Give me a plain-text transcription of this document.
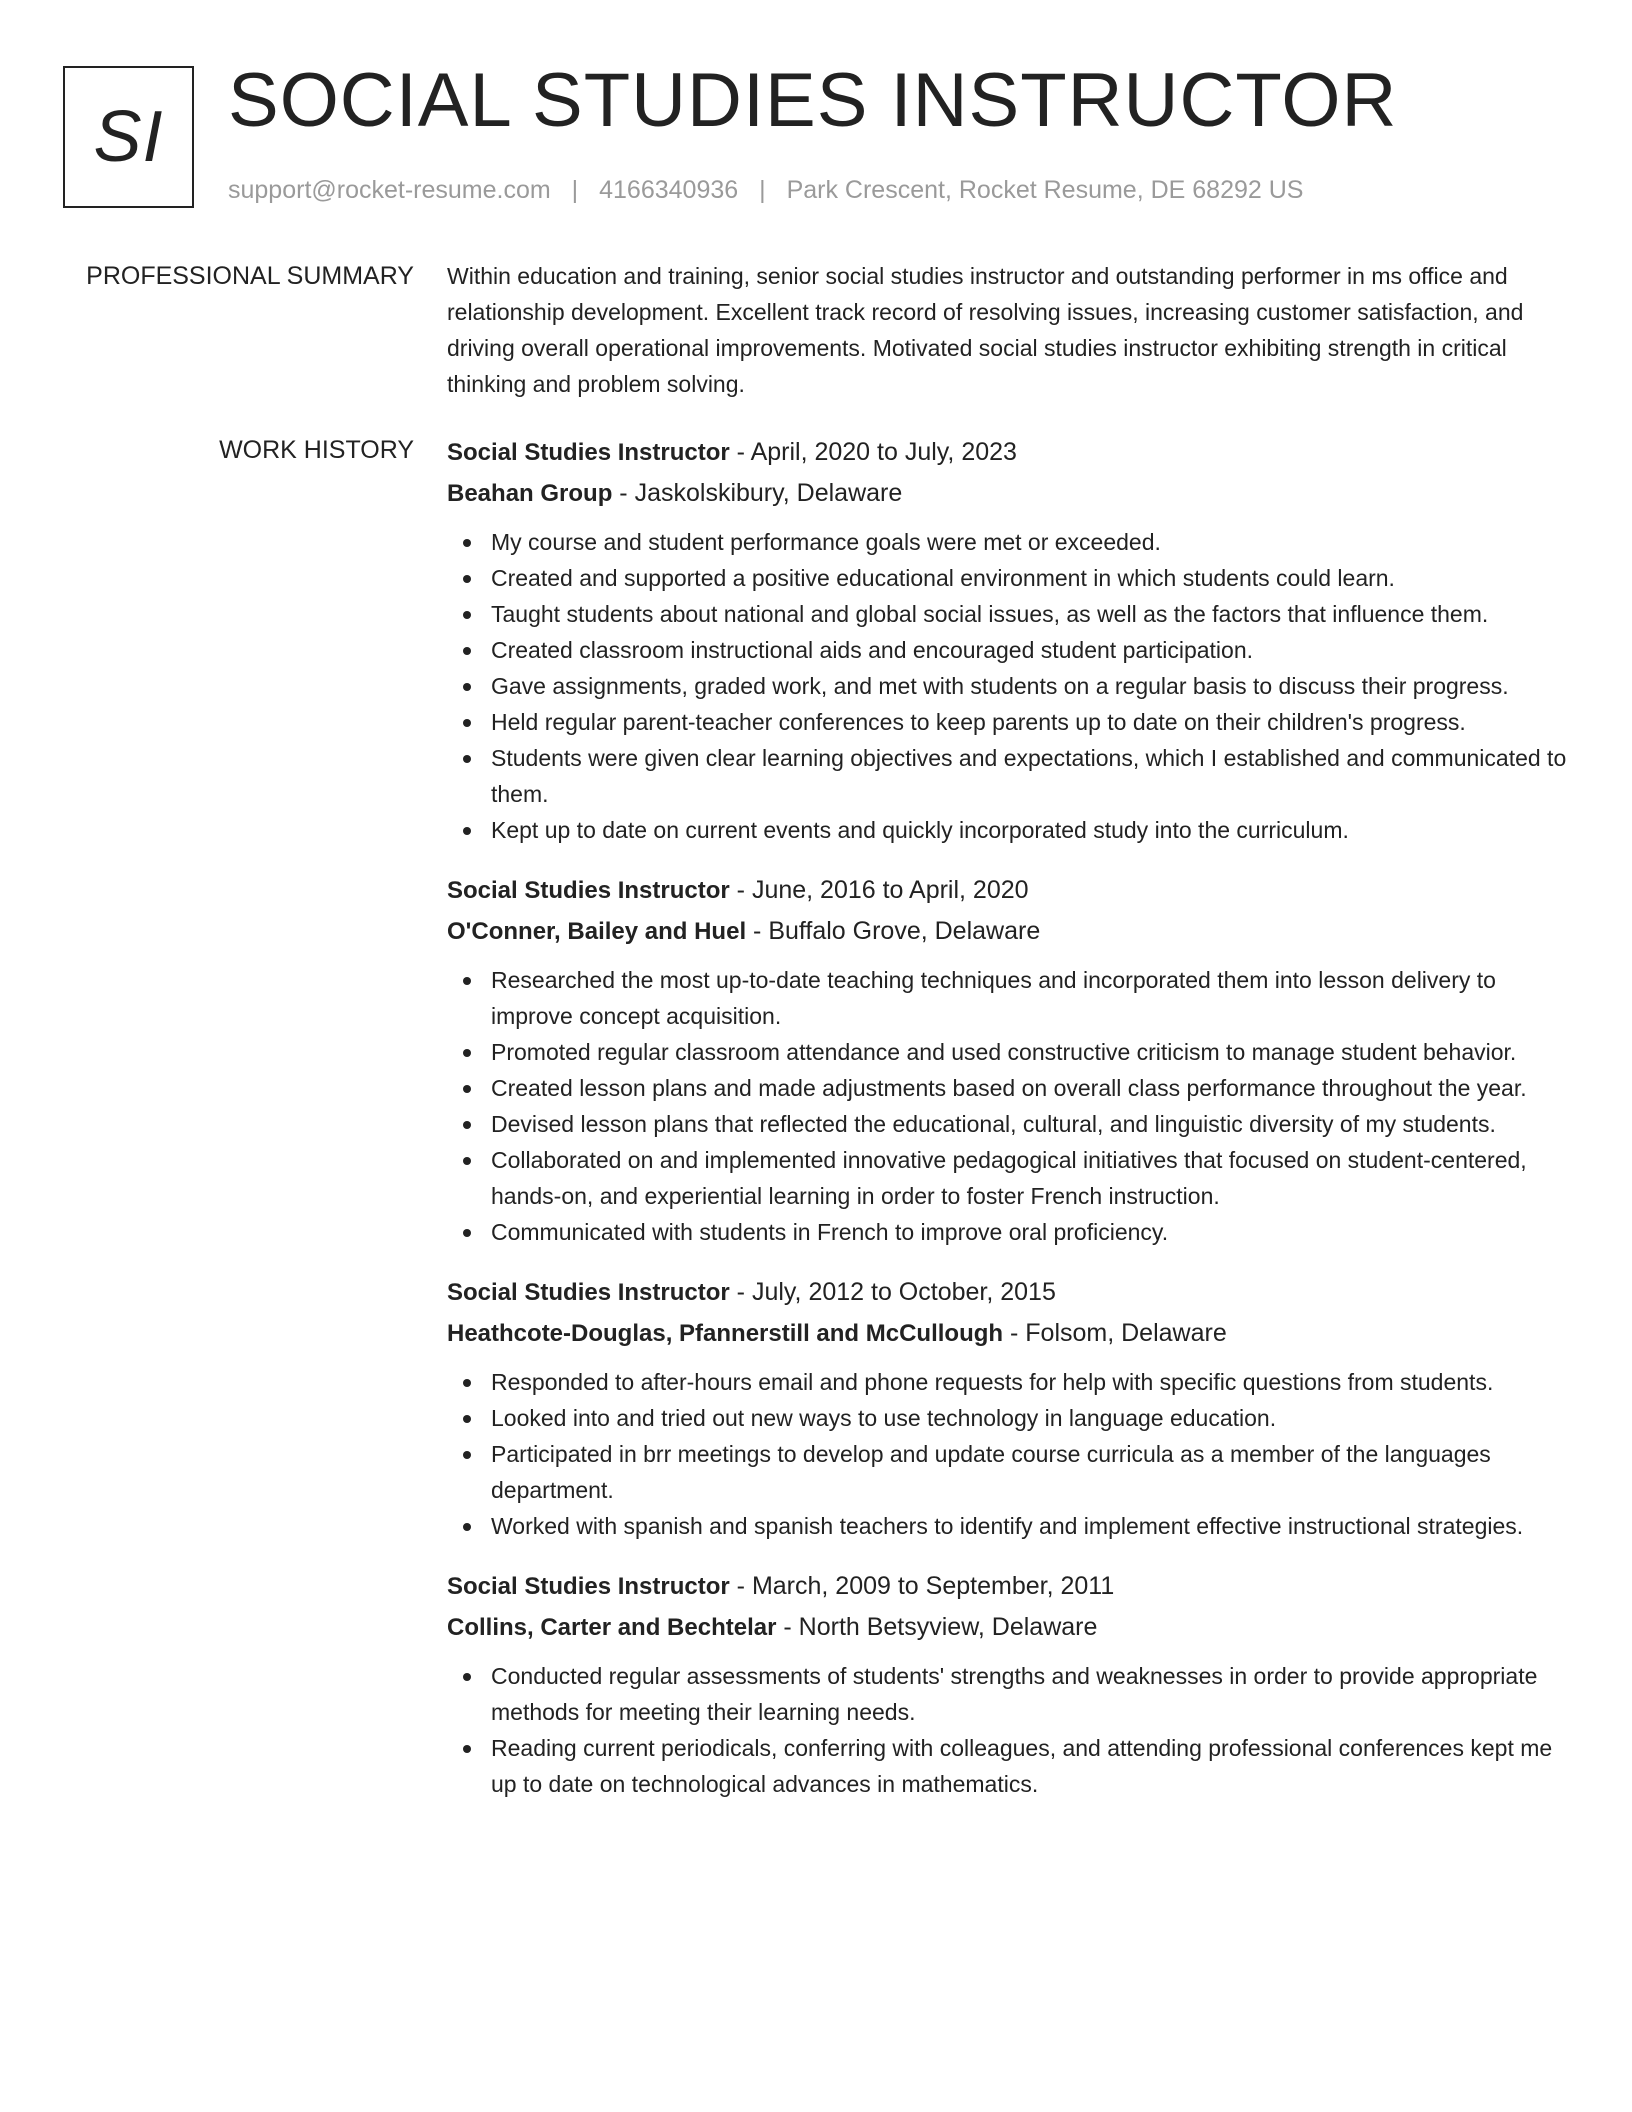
SI SOCIAL STUDIES INSTRUCTOR
support@rocket-resume.com | 4166340936 | Park Crescent, Rocket Resume, DE 68292 US
PROFESSIONAL SUMMARY Within education and training, senior social studies instructor and outstanding performer in ms office and relationship development. Excellent track record of resolving issues, increasing customer satisfaction, and driving overall operational improvements. Motivated social studies instructor exhibiting strength in critical thinking and problem solving.

WORK HISTORY Social Studies Instructor - April, 2020 to July, 2023
Beahan Group - Jaskolskibury, Delaware
My course and student performance goals were met or exceeded.
Created and supported a positive educational environment in which students could learn.
Taught students about national and global social issues, as well as the factors that influence them.
Created classroom instructional aids and encouraged student participation.
Gave assignments, graded work, and met with students on a regular basis to discuss their progress.
Held regular parent-teacher conferences to keep parents up to date on their children's progress.
Students were given clear learning objectives and expectations, which I established and communicated to them.
Kept up to date on current events and quickly incorporated study into the curriculum.
Social Studies Instructor - June, 2016 to April, 2020
O'Conner, Bailey and Huel - Buffalo Grove, Delaware
Researched the most up-to-date teaching techniques and incorporated them into lesson delivery to improve concept acquisition.
Promoted regular classroom attendance and used constructive criticism to manage student behavior.
Created lesson plans and made adjustments based on overall class performance throughout the year.
Devised lesson plans that reflected the educational, cultural, and linguistic diversity of my students.
Collaborated on and implemented innovative pedagogical initiatives that focused on student-centered, hands-on, and experiential learning in order to foster French instruction.
Communicated with students in French to improve oral proficiency.
Social Studies Instructor - July, 2012 to October, 2015
Heathcote-Douglas, Pfannerstill and McCullough - Folsom, Delaware
Responded to after-hours email and phone requests for help with specific questions from students.
Looked into and tried out new ways to use technology in language education.
Participated in brr meetings to develop and update course curricula as a member of the languages department.
Worked with spanish and spanish teachers to identify and implement effective instructional strategies.
Social Studies Instructor - March, 2009 to September, 2011
Collins, Carter and Bechtelar - North Betsyview, Delaware
Conducted regular assessments of students' strengths and weaknesses in order to provide appropriate methods for meeting their learning needs.
Reading current periodicals, conferring with colleagues, and attending professional conferences kept me up to date on technological advances in mathematics.
